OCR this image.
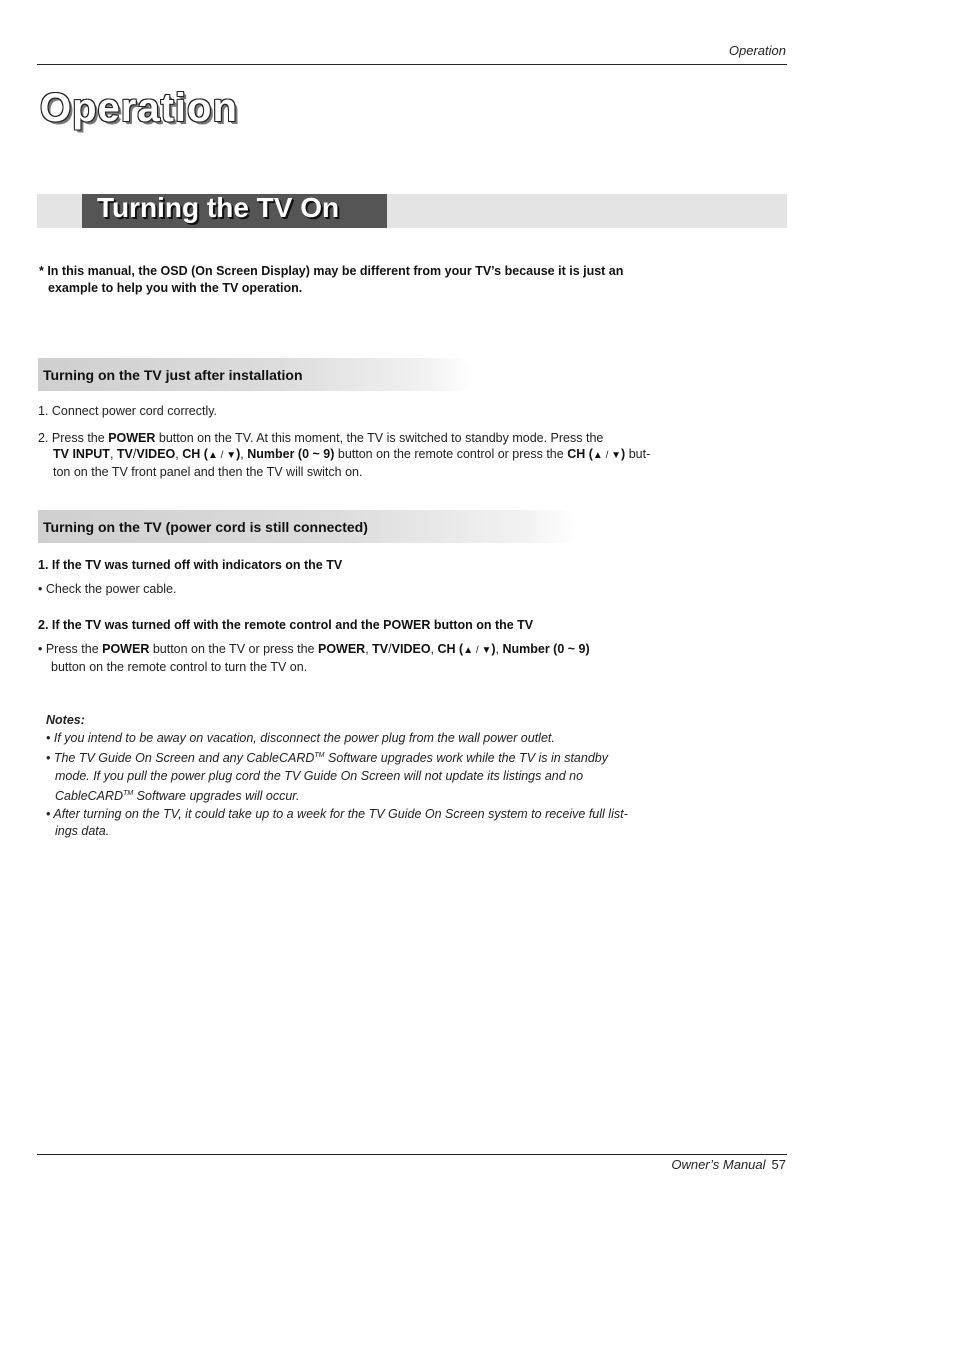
Operation
Operation
Turning the TV On
* In this manual, the OSD (On Screen Display) may be different from your TV’s because it is just an
example to help you with the TV operation.
Turning on the TV just after installation
1. Connect power cord correctly.
2. Press the POWER button on the TV. At this moment, the TV is switched to standby mode. Press the
TV INPUT, TV/VIDEO, CH (▲ / ▼), Number (0 ~ 9) button on the remote control or press the CH (▲ / ▼) but-
ton on the TV front panel and then the TV will switch on.
Turning on the TV (power cord is still connected)
1. If the TV was turned off with indicators on the TV
• Check the power cable.
2. If the TV was turned off with the remote control and the POWER button on the TV
• Press the POWER button on the TV or press the POWER, TV/VIDEO, CH (▲ / ▼), Number (0 ~ 9)
button on the remote control to turn the TV on.
Notes:
• If you intend to be away on vacation, disconnect the power plug from the wall power outlet.
• The TV Guide On Screen and any CableCARD™ Software upgrades work while the TV is in standby
mode. If you pull the power plug cord the TV Guide On Screen will not update its listings and no
CableCARD™ Software upgrades will occur.
• After turning on the TV, it could take up to a week for the TV Guide On Screen system to receive full list-
ings data.
Owner’s Manual 57
